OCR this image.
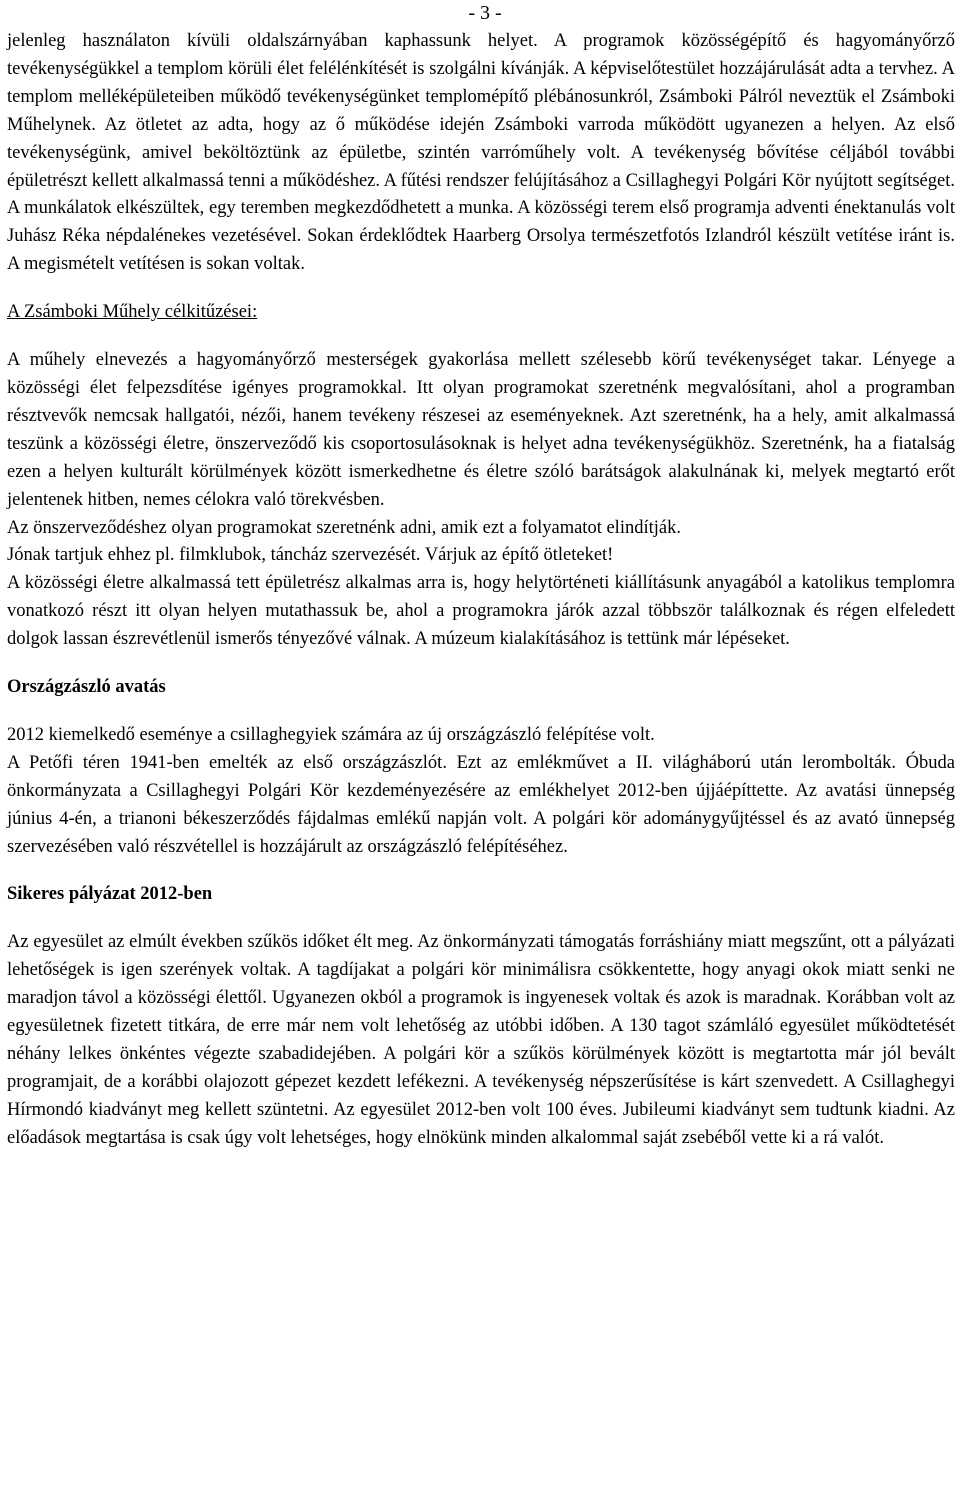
- 3 -

jelenleg használaton kívüli oldalszárnyában kaphassunk helyet. A programok közösségépítő és hagyományőrző tevékenységükkel a templom körüli élet felélénkítését is szolgálni kívánják. A képviselőtestület hozzájárulását adta a tervhez. A templom melléképületeiben működő tevékenységünket templomépítő plébánosunkról, Zsámboki Pálról neveztük el Zsámboki Műhelynek. Az ötletet az adta, hogy az ő működése idején Zsámboki varroda működött ugyanezen a helyen. Az első tevékenységünk, amivel beköltöztünk az épületbe, szintén varróműhely volt. A tevékenység bővítése céljából további épületrészt kellett alkalmassá tenni a működéshez. A fűtési rendszer felújításához a Csillaghegyi Polgári Kör nyújtott segítséget. A munkálatok elkészültek, egy teremben megkezdődhetett a munka. A közösségi terem első programja adventi énektanulás volt Juhász Réka népdalénekes vezetésével. Sokan érdeklődtek Haarberg Orsolya természetfotós Izlandról készült vetítése iránt is. A megismételt vetítésen is sokan voltak.

A Zsámboki Műhely célkitűzései:

A műhely elnevezés a hagyományőrző mesterségek gyakorlása mellett szélesebb körű tevékenységet takar. Lényege a közösségi élet felpezsdítése igényes programokkal. Itt olyan programokat szeretnénk megvalósítani, ahol a programban résztvevők nemcsak hallgatói, nézői, hanem tevékeny részesei az eseményeknek. Azt szeretnénk, ha a hely, amit alkalmassá teszünk a közösségi életre, önszerveződő kis csoportosulásoknak is helyet adna tevékenységükhöz. Szeretnénk, ha a fiatalság ezen a helyen kulturált körülmények között ismerkedhetne és életre szóló barátságok alakulnának ki, melyek megtartó erőt jelentenek hitben, nemes célokra való törekvésben.

Az önszerveződéshez olyan programokat szeretnénk adni, amik ezt a folyamatot elindítják.

Jónak tartjuk ehhez pl. filmklubok, táncház szervezését. Várjuk az építő ötleteket!

A közösségi életre alkalmassá tett épületrész alkalmas arra is, hogy helytörténeti kiállításunk anyagából a katolikus templomra vonatkozó részt itt olyan helyen mutathassuk be, ahol a programokra járók azzal többször találkoznak és régen elfeledett dolgok lassan észrevétlenül ismerős tényezővé válnak. A múzeum kialakításához is tettünk már lépéseket.

Országzászló avatás

2012 kiemelkedő eseménye a csillaghegyiek számára az új országzászló felépítése volt.

A Petőfi téren 1941-ben emelték az első országzászlót. Ezt az emlékművet a II. világháború után lerombolták. Óbuda önkormányzata a Csillaghegyi Polgári Kör kezdeményezésére az emlékhelyet 2012-ben újjáépíttette. Az avatási ünnepség június 4-én, a trianoni békeszerződés fájdalmas emlékű napján volt. A polgári kör adománygyűjtéssel és az avató ünnepség szervezésében való részvétellel is hozzájárult az országzászló felépítéséhez.

Sikeres pályázat 2012-ben

Az egyesület az elmúlt években szűkös időket élt meg. Az önkormányzati támogatás forráshiány miatt megszűnt, ott a pályázati lehetőségek is igen szerények voltak. A tagdíjakat a polgári kör minimálisra csökkentette, hogy anyagi okok miatt senki ne maradjon távol a közösségi élettől. Ugyanezen okból a programok is ingyenesek voltak és azok is maradnak. Korábban volt az egyesületnek fizetett titkára, de erre már nem volt lehetőség az utóbbi időben. A 130 tagot számláló egyesület működtetését néhány lelkes önkéntes végezte szabadidejében. A polgári kör a szűkös körülmények között is megtartotta már jól bevált programjait, de a korábbi olajozott gépezet kezdett lefékezni. A tevékenység népszerűsítése is kárt szenvedett. A Csillaghegyi Hírmondó kiadványt meg kellett szüntetni. Az egyesület 2012-ben volt 100 éves. Jubileumi kiadványt sem tudtunk kiadni. Az előadások megtartása is csak úgy volt lehetséges, hogy elnökünk minden alkalommal saját zsebéből vette ki a rá valót.
